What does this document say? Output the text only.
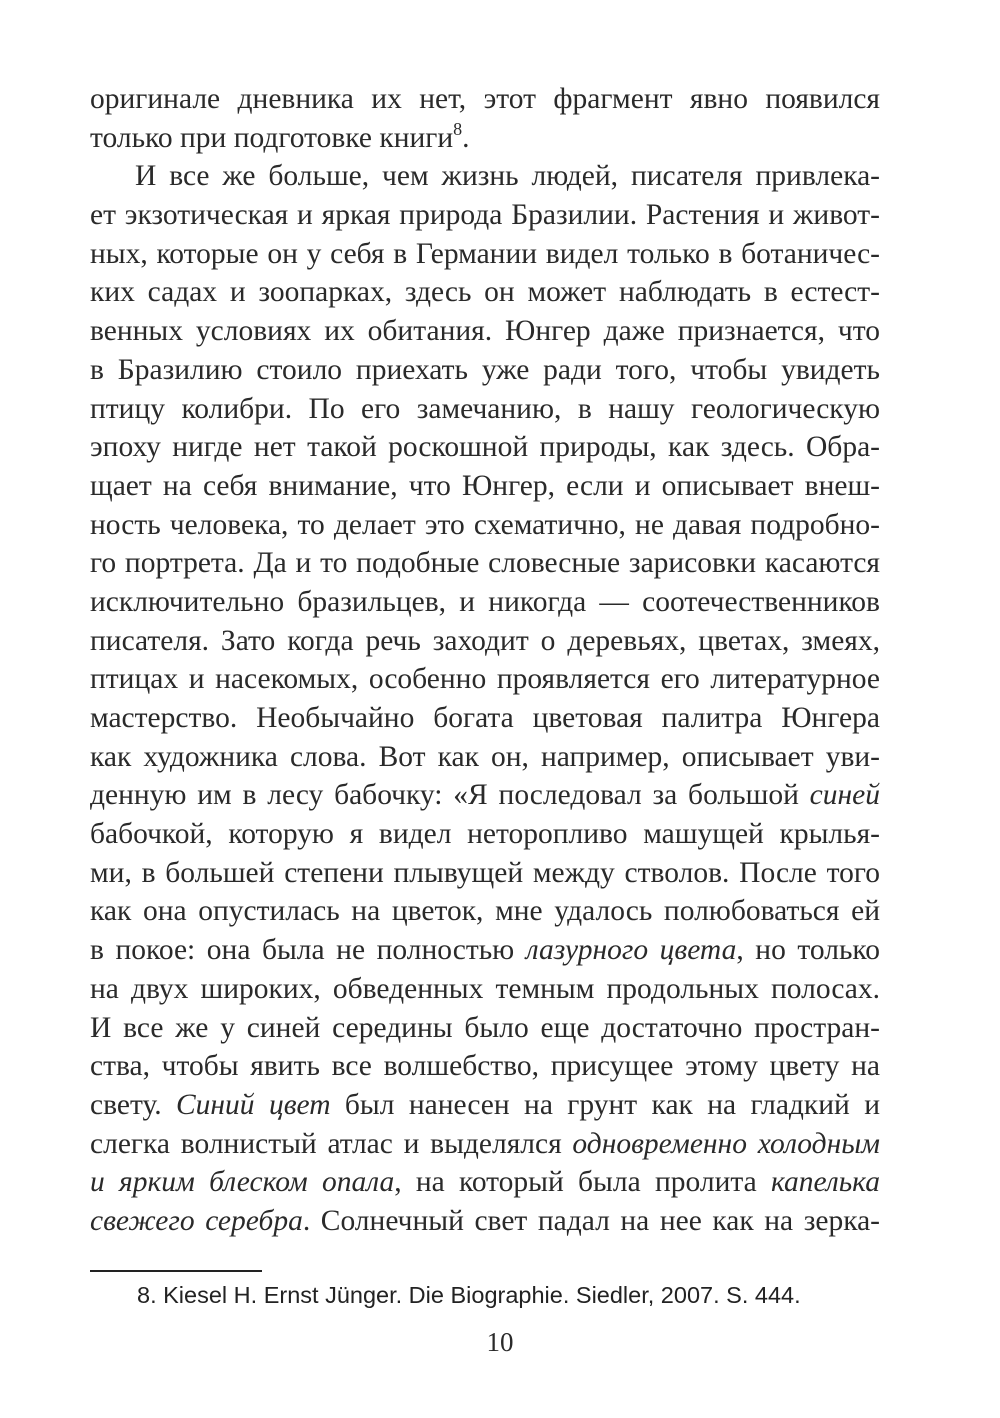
оригинале дневника их нет, этот фрагмент явно появился
только при подготовке книги$^8$.

И все же больше, чем жизнь людей, писателя привлека-
ет экзотическая и яркая природа Бразилии. Растения и живот-
ных, которые он у себя в Германии видел только в ботаничес-
ких садах и зоопарках, здесь он может наблюдать в естест-
венных условиях их обитания. Юнгер даже признается, что
в Бразилию стоило приехать уже ради того, чтобы увидеть
птицу колибри. По его замечанию, в нашу геологическую
эпоху нигде нет такой роскошной природы, как здесь. Обра-
щает на себя внимание, что Юнгер, если и описывает внеш-
ность человека, то делает это схематично, не давая подробно-
го портрета. Да и то подобные словесные зарисовки касаются
исключительно бразильцев, и никогда — соотечественников
писателя. Зато когда речь заходит о деревьях, цветах, змеях,
птицах и насекомых, особенно проявляется его литературное
мастерство. Необычайно богата цветовая палитра Юнгера
как художника слова. Вот как он, например, описывает уви-
денную им в лесу бабочку: «Я последовал за большой синей
бабочкой, которую я видел неторопливо машущей крылья-
ми, в большей степени плывущей между стволов. После того
как она опустилась на цветок, мне удалось полюбоваться ей
в покое: она была не полностью лазурного цвета, но только
на двух широких, обведенных темным продольных полосах.
И все же у синей середины было еще достаточно простран-
ства, чтобы явить все волшебство, присущее этому цвету на
свету. Синий цвет был нанесен на грунт как на гладкий и
слегка волнистый атлас и выделялся одновременно холодным
и ярким блеском опала, на который была пролита капелька
свежего серебра. Солнечный свет падал на нее как на зерка-

8. Kiesel H. Ernst Jünger. Die Biographie. Siedler, 2007. S. 444.
10
